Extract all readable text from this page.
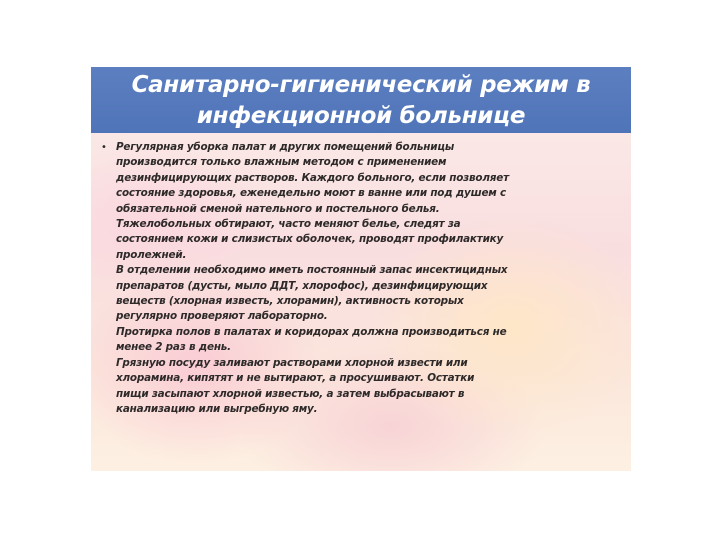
Санитарно-гигиенический режим в инфекционной больнице
• Регулярная уборка палат и других помещений больницы
производится только влажным методом с применением
дезинфицирующих растворов. Каждого больного, если позволяет
состояние здоровья, еженедельно моют в ванне или под душем с
обязательной сменой нательного и постельного белья.
Тяжелобольных обтирают, часто меняют белье, следят за
состоянием кожи и слизистых оболочек, проводят профилактику
пролежней.
В отделении необходимо иметь постоянный запас инсектицидных
препаратов (дусты, мыло ДДТ, хлорофос), дезинфицирующих
веществ (хлорная известь, хлорамин), активность которых
регулярно проверяют лабораторно.
Протирка полов в палатах и коридорах должна производиться не
менее 2 раз в день.
Грязную посуду заливают растворами хлорной извести или
хлорамина, кипятят и не вытирают, а просушивают. Остатки
пищи засыпают хлорной известью, а затем выбрасывают в
канализацию или выгребную яму.
